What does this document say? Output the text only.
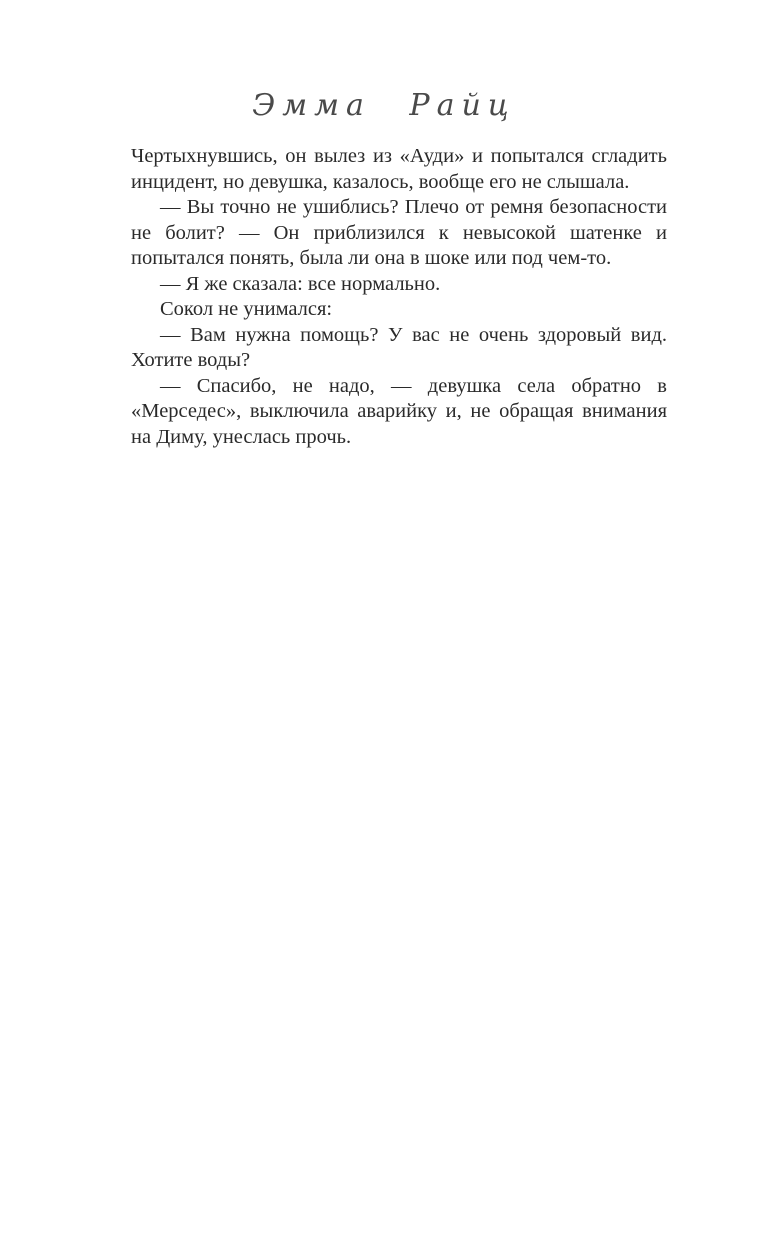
Эмма Райц

Чертыхнувшись, он вылез из «Ауди» и попытался сгладить инцидент, но девушка, казалось, вообще его не слышала.

— Вы точно не ушиблись? Плечо от ремня безопасности не болит? — Он приблизился к невысокой шатенке и попытался понять, была ли она в шоке или под чем-то.

— Я же сказала: все нормально.

Сокол не унимался:

— Вам нужна помощь? У вас не очень здоровый вид. Хотите воды?

— Спасибо, не надо, — девушка села обратно в «Мерседес», выключила аварийку и, не обращая внимания на Диму, унеслась прочь.
